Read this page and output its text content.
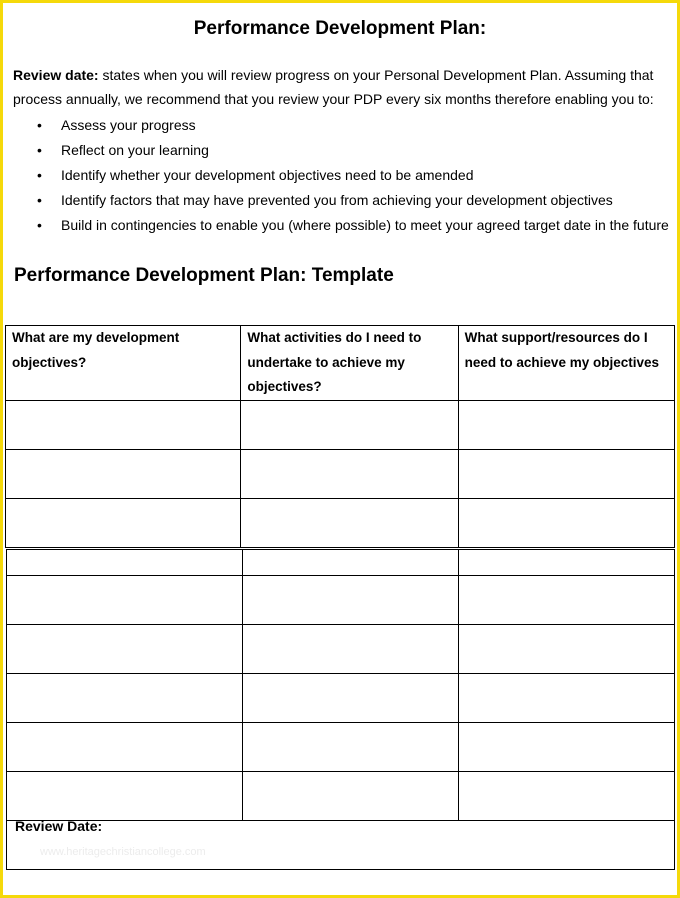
Performance Development Plan:
Review date: states when you will review progress on your Personal Development Plan. Assuming that process annually, we recommend that you review your PDP every six months therefore enabling you to:
• Assess your progress
• Reflect on your learning
• Identify whether your development objectives need to be amended
• Identify factors that may have prevented you from achieving your development objectives
• Build in contingencies to enable you (where possible) to meet your agreed target date in the future
Performance Development Plan: Template
What are my development objectives?	What activities do I need to undertake to achieve my objectives?	What support/resources do I need to achieve my objectives

Review Date:
www.heritagechristiancollege.com
